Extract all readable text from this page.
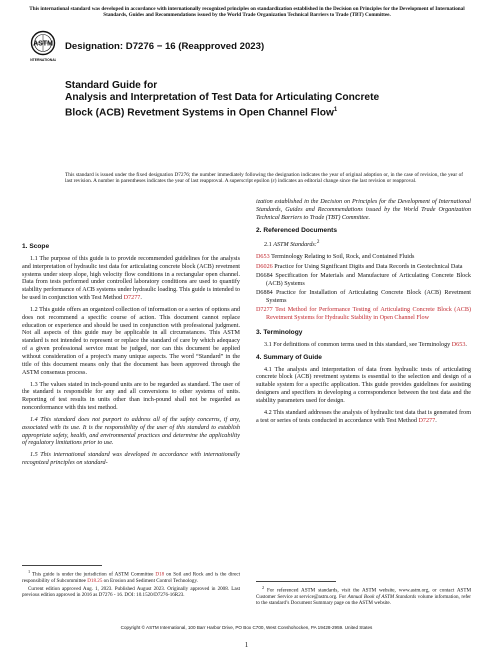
This international standard was developed in accordance with internationally recognized principles on standardization established in the Decision on Principles for the Development of International Standards, Guides and Recommendations issued by the World Trade Organization Technical Barriers to Trade (TBT) Committee.
ASTM
INTERNATIONAL
Designation: D7276 − 16 (Reapproved 2023)
Standard Guide for
Analysis and Interpretation of Test Data for Articulating Concrete Block (ACB) Revetment Systems in Open Channel Flow$^1$
This standard is issued under the fixed designation D7276; the number immediately following the designation indicates the year of original adoption or, in the case of revision, the year of last revision. A number in parentheses indicates the year of last reapproval. A superscript epsilon (ε) indicates an editorial change since the last revision or reapproval.
1. Scope

1.1 The purpose of this guide is to provide recommended guidelines for the analysis and interpretation of hydraulic test data for articulating concrete block (ACB) revetment systems under steep slope, high velocity flow conditions in a rectangular open channel. Data from tests performed under controlled laboratory conditions are used to quantify stability performance of ACB systems under hydraulic loading. This guide is intended to be used in conjunction with Test Method D7277.

1.2 This guide offers an organized collection of information or a series of options and does not recommend a specific course of action. This document cannot replace education or experience and should be used in conjunction with professional judgment. Not all aspects of this guide may be applicable in all circumstances. This ASTM standard is not intended to represent or replace the standard of care by which adequacy of a given professional service must be judged, nor can this document be applied without consideration of a project's many unique aspects. The word “Standard” in the title of this document means only that the document has been approved through the ASTM consensus process.

1.3 The values stated in inch-pound units are to be regarded as standard. The user of the standard is responsible for any and all conversions to other systems of units. Reporting of test results in units other than inch-pound shall not be regarded as nonconformance with this test method.

1.4 This standard does not purport to address all of the safety concerns, if any, associated with its use. It is the responsibility of the user of this standard to establish appropriate safety, health, and environmental practices and determine the applicability of regulatory limitations prior to use.

1.5 This international standard was developed in accordance with internationally recognized principles on standard-

ization established in the Decision on Principles for the Development of International Standards, Guides and Recommendations issued by the World Trade Organization Technical Barriers to Trade (TBT) Committee.

2. Referenced Documents

2.1 ASTM Standards:$^2$

D653 Terminology Relating to Soil, Rock, and Contained Fluids
D6026 Practice for Using Significant Digits and Data Records in Geotechnical Data
D6684 Specification for Materials and Manufacture of Articulating Concrete Block (ACB) Systems
D6884 Practice for Installation of Articulating Concrete Block (ACB) Revetment Systems
D7277 Test Method for Performance Testing of Articulating Concrete Block (ACB) Revetment Systems for Hydraulic Stability in Open Channel Flow
3. Terminology

3.1 For definitions of common terms used in this standard, see Terminology D653.

4. Summary of Guide

4.1 The analysis and interpretation of data from hydraulic tests of articulating concrete block (ACB) revetment systems is essential to the selection and design of a suitable system for a specific application. This guide provides guidelines for assisting designers and specifiers in developing a correspondence between the test data and the stability parameters used for design.

4.2 This standard addresses the analysis of hydraulic test data that is generated from a test or series of tests conducted in accordance with Test Method D7277.

$^1$ This guide is under the jurisdiction of ASTM Committee D18 on Soil and Rock and is the direct responsibility of Subcommittee D18.25 on Erosion and Sediment Control Technology.

Current edition approved Aug. 1, 2023. Published August 2023. Originally approved in 2008. Last previous edition approved in 2016 as D7276 - 16. DOI: 10.1520/D7276-16R23.

$^2$ For referenced ASTM standards, visit the ASTM website, www.astm.org, or contact ASTM Customer Service at service@astm.org. For Annual Book of ASTM Standards volume information, refer to the standard’s Document Summary page on the ASTM website.

Copyright © ASTM International, 100 Barr Harbor Drive, PO Box C700, West Conshohocken, PA 19428-2959. United States
1
